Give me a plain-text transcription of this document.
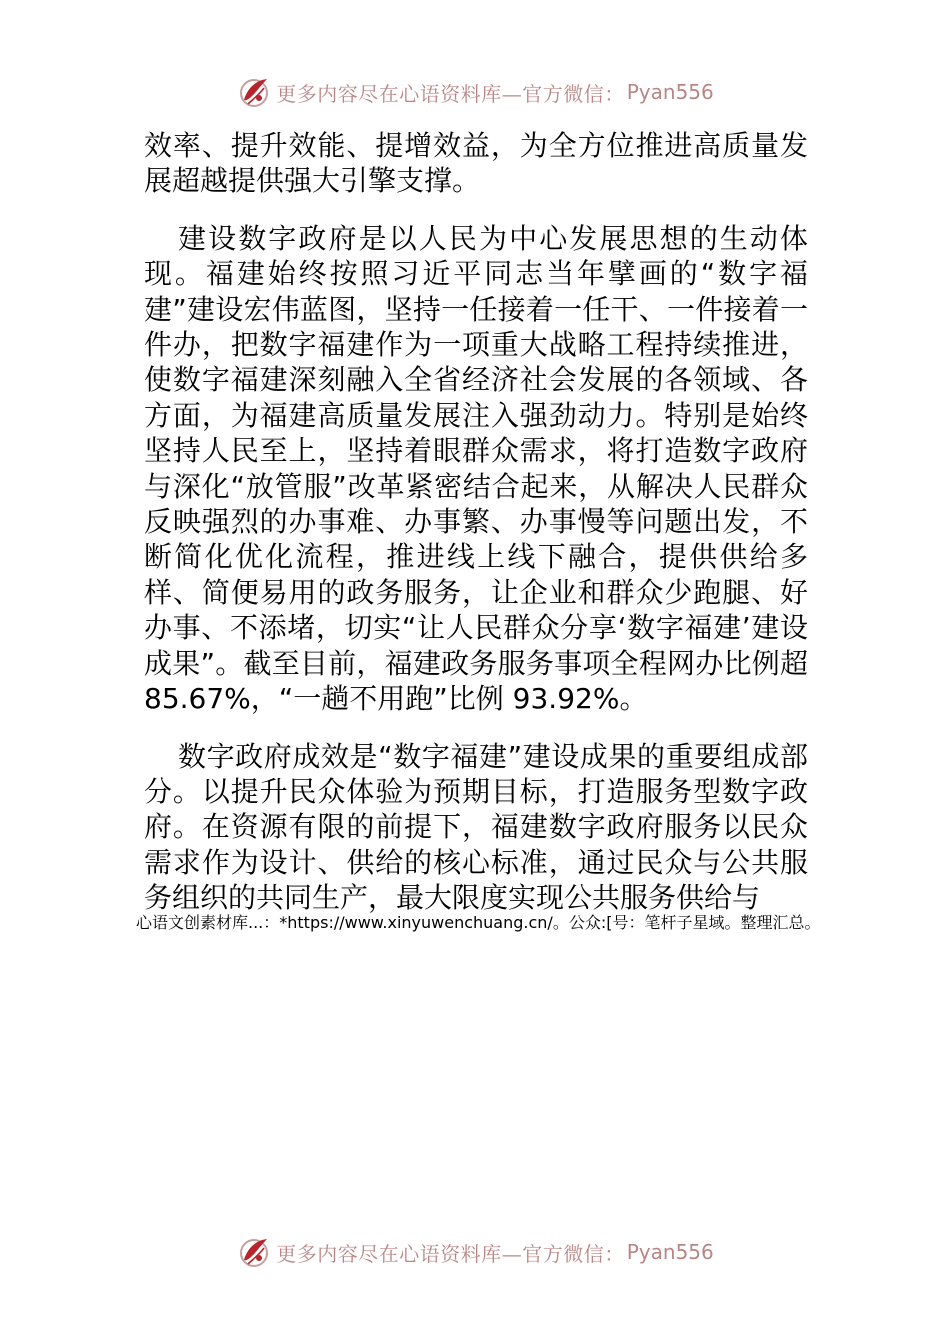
更多内容尽在心语资料库—官方微信： Pyan556

效率、提升效能、提增效益，为全方位推进高质量发展超越提供强大引擎支撑。

建设数字政府是以人民为中心发展思想的生动体现。福建始终按照习近平同志当年擘画的“数字福建”建设宏伟蓝图，坚持一任接着一任干、一件接着一件办，把数字福建作为一项重大战略工程持续推进，使数字福建深刻融入全省经济社会发展的各领域、各方面，为福建高质量发展注入强劲动力。特别是始终坚持人民至上，坚持着眼群众需求，将打造数字政府与深化“放管服”改革紧密结合起来，从解决人民群众反映强烈的办事难、办事繁、办事慢等问题出发，不断简化优化流程，推进线上线下融合，提供供给多样、简便易用的政务服务，让企业和群众少跑腿、好办事、不添堵，切实“让人民群众分享‘数字福建’建设成果”。截至目前，福建政务服务事项全程网办比例超85.67%，“一趟不用跑”比例 93.92%。

数字政府成效是“数字福建”建设成果的重要组成部分。以提升民众体验为预期目标，打造服务型数字政府。在资源有限的前提下，福建数字政府服务以民众需求作为设计、供给的核心标准，通过民众与公共服务组织的共同生产，最大限度实现公共服务供给与

心语文创素材库...：*https://www.xinyuwenchuang.cn/。公众:[号：笔杆子星域。整理汇总。
更多内容尽在心语资料库—官方微信： Pyan556
